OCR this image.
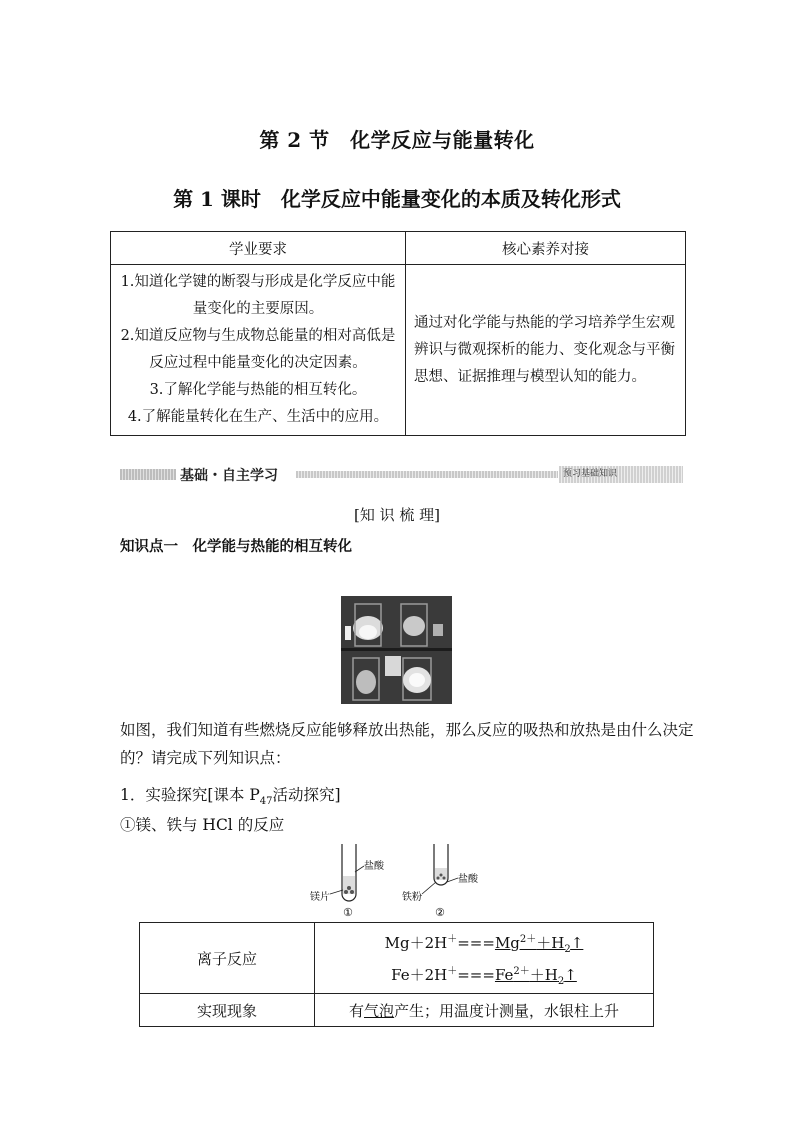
第 2 节　化学反应与能量转化
第 1 课时　化学反应中能量变化的本质及转化形式
学业要求	核心素养对接

1.知道化学键的断裂与形成是化学反应中能量变化的主要原因。

2.知道反应物与生成物总能量的相对高低是反应过程中能量变化的决定因素。

3.了解化学能与热能的相互转化。

4.了解能量转化在生产、生活中的应用。	通过对化学能与热能的学习培养学生宏观辨识与微观探析的能力、变化观念与平衡思想、证据推理与模型认知的能力。
基础・自主学习	预习基础知识
[知 识 梳 理]
知识点一　化学能与热能的相互转化
如图，我们知道有些燃烧反应能够释放出热能，那么反应的吸热和放热是由什么决定的？请完成下列知识点：
1．实验探究[课本 $P_{47}$活动探究]
①镁、铁与 HCl 的反应
盐酸
镁片
①
盐酸
铁粉
②
离子反应	$Mg+2H^+===Mg^{2+}+H_2↑$
	$Fe+2H^+===Fe^{2+}+H_2↑$
实现现象	有气泡产生；用温度计测量，水银柱上升
